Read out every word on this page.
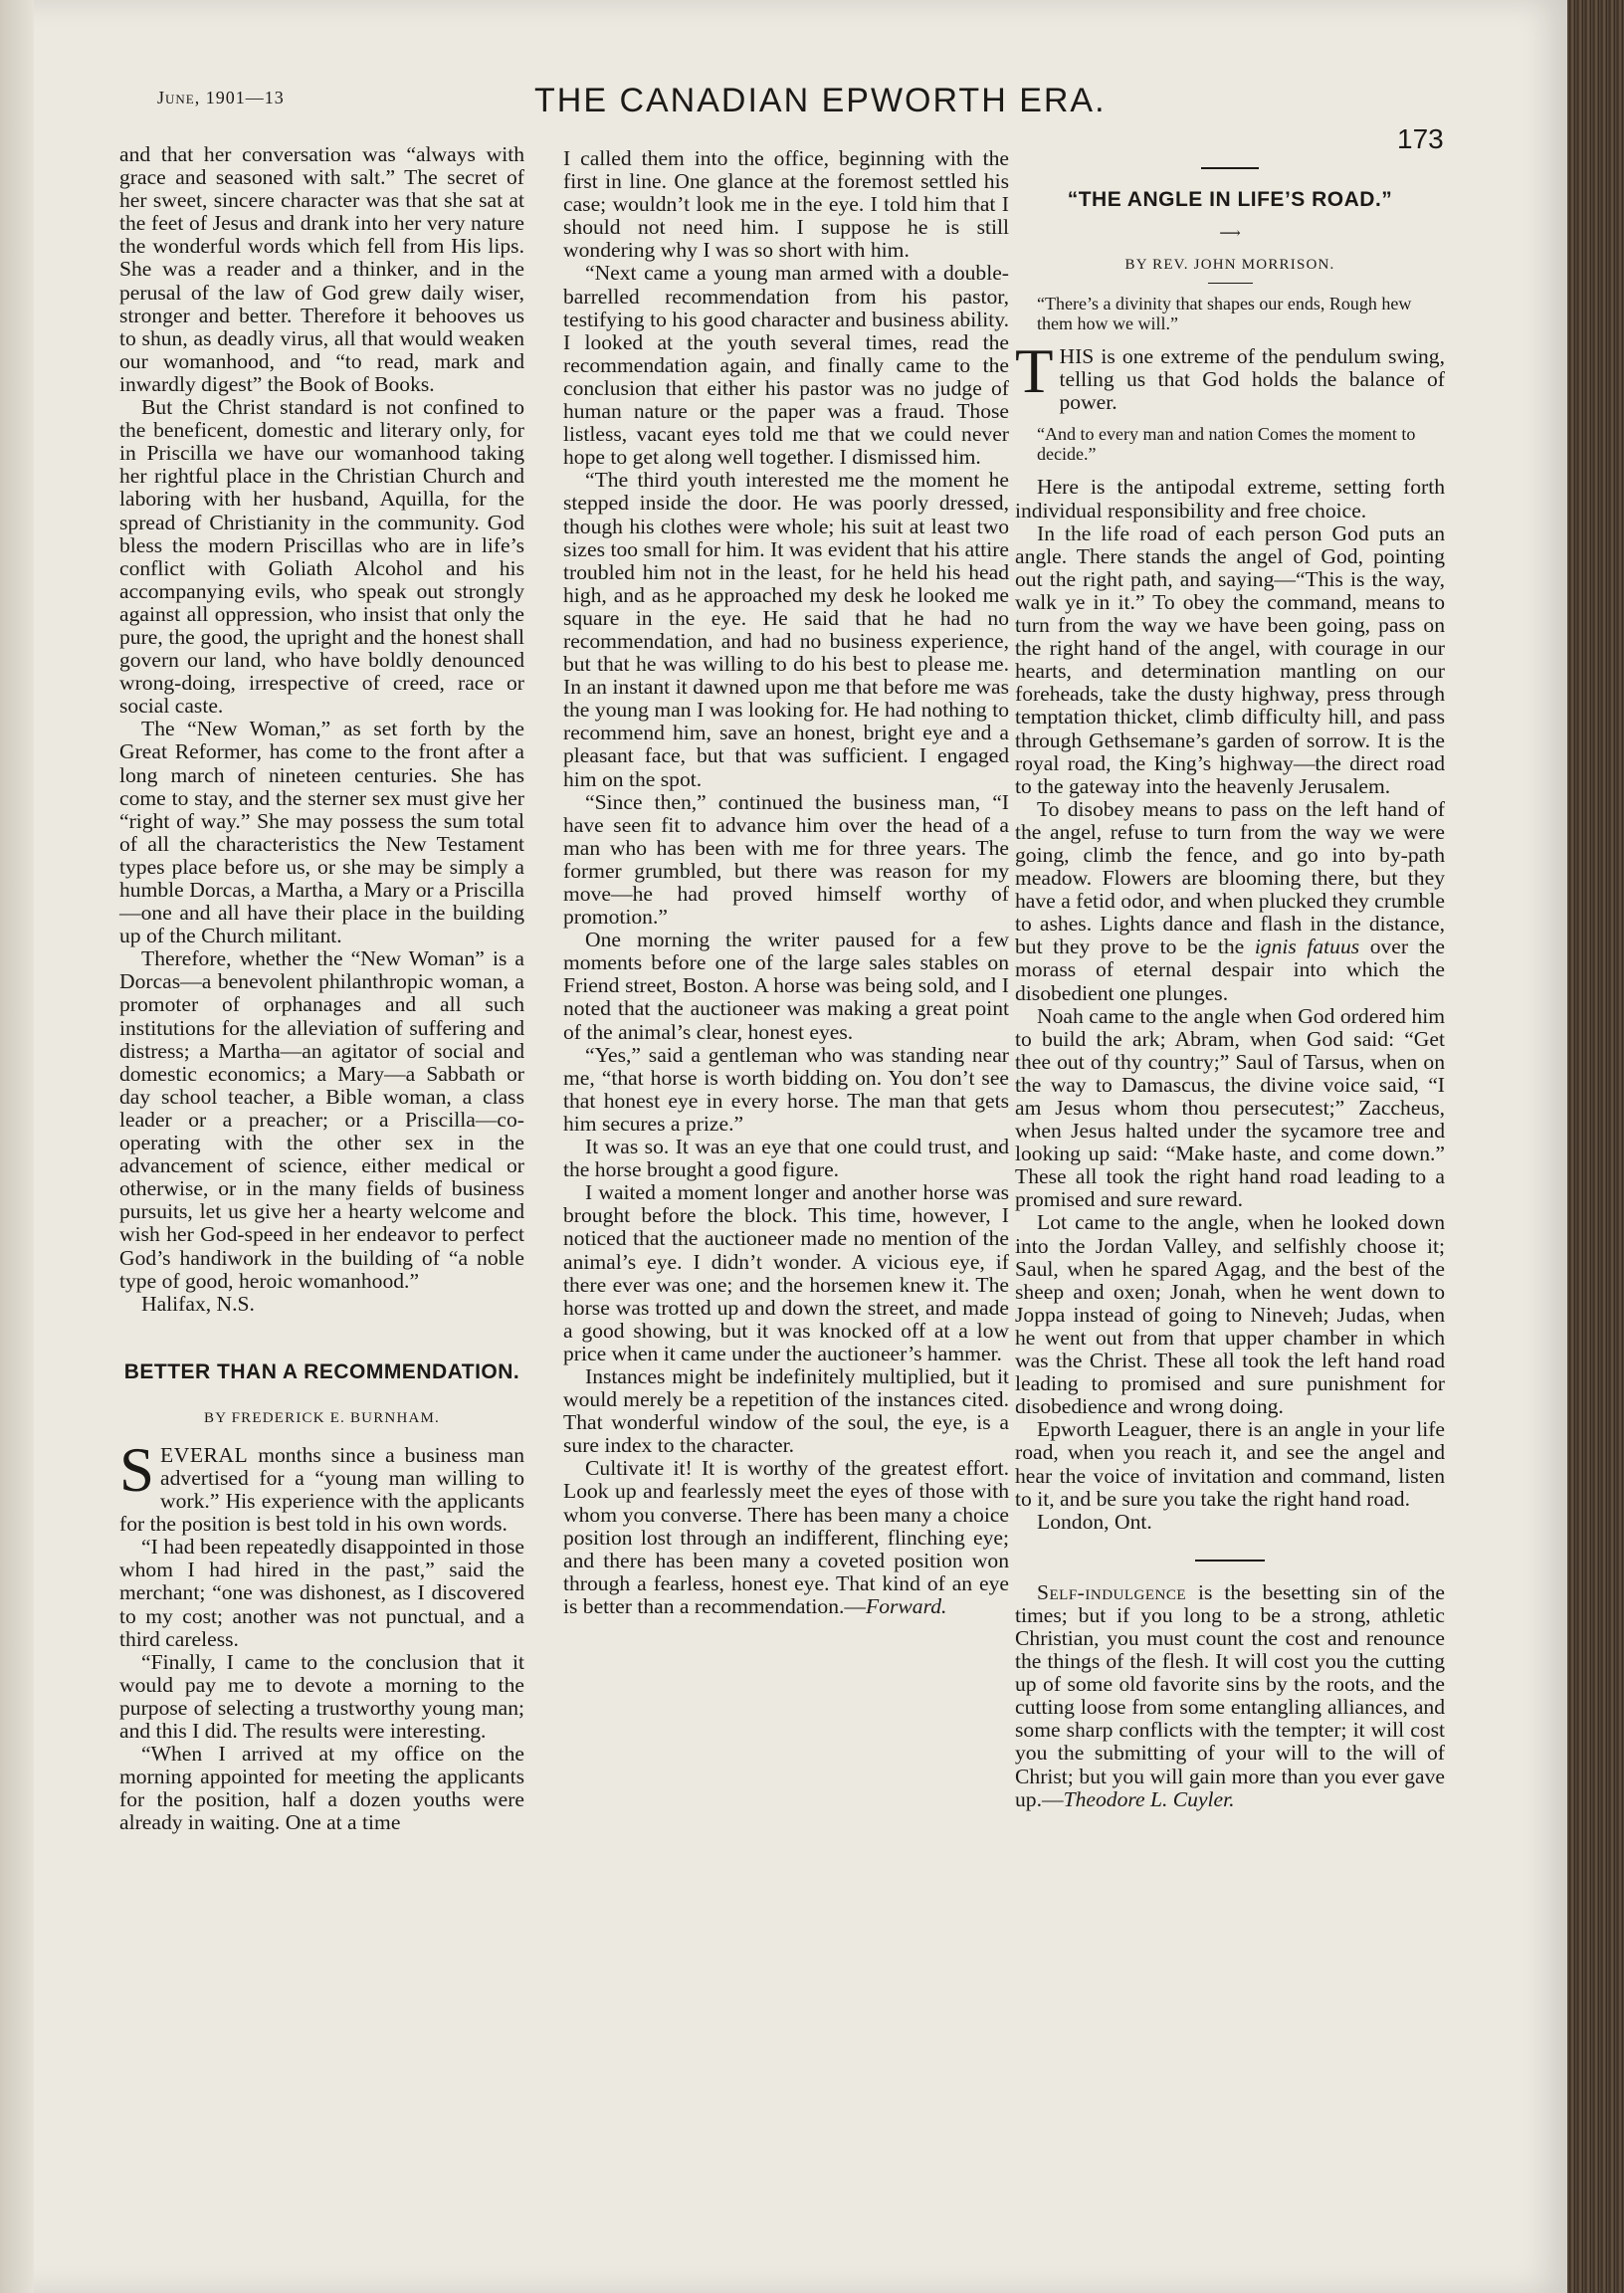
June, 1901—13	THE CANADIAN EPWORTH ERA.
173

and that her conversation was “always with grace and seasoned with salt.” The secret of her sweet, sincere character was that she sat at the feet of Jesus and drank into her very nature the wonderful words which fell from His lips. She was a reader and a thinker, and in the perusal of the law of God grew daily wiser, stronger and better. Therefore it behooves us to shun, as deadly virus, all that would weaken our womanhood, and “to read, mark and inwardly digest” the Book of Books.

But the Christ standard is not confined to the beneficent, domestic and literary only, for in Priscilla we have our womanhood taking her rightful place in the Christian Church and laboring with her husband, Aquilla, for the spread of Christianity in the community. God bless the modern Priscillas who are in life’s conflict with Goliath Alcohol and his accompanying evils, who speak out strongly against all oppression, who insist that only the pure, the good, the upright and the honest shall govern our land, who have boldly denounced wrong-doing, irrespective of creed, race or social caste.

The “New Woman,” as set forth by the Great Reformer, has come to the front after a long march of nineteen centuries. She has come to stay, and the sterner sex must give her “right of way.” She may possess the sum total of all the characteristics the New Testament types place before us, or she may be simply a humble Dorcas, a Martha, a Mary or a Priscilla—one and all have their place in the building up of the Church militant.

Therefore, whether the “New Woman” is a Dorcas—a benevolent philanthropic woman, a promoter of orphanages and all such institutions for the alleviation of suffering and distress; a Martha—an agitator of social and domestic economics; a Mary—a Sabbath or day school teacher, a Bible woman, a class leader or a preacher; or a Priscilla—co-operating with the other sex in the advancement of science, either medical or otherwise, or in the many fields of business pursuits, let us give her a hearty welcome and wish her God-speed in her endeavor to perfect God’s handiwork in the building of “a noble type of good, heroic womanhood.”

Halifax, N.S.

BETTER THAN A RECOMMENDATION.
BY FREDERICK E. BURNHAM.

SEVERAL months since a business man advertised for a “young man willing to work.” His experience with the applicants for the position is best told in his own words.

“I had been repeatedly disappointed in those whom I had hired in the past,” said the merchant; “one was dishonest, as I discovered to my cost; another was not punctual, and a third careless.

“Finally, I came to the conclusion that it would pay me to devote a morning to the purpose of selecting a trustworthy young man; and this I did. The results were interesting.

“When I arrived at my office on the morning appointed for meeting the applicants for the position, half a dozen youths were already in waiting. One at a time

I called them into the office, beginning with the first in line. One glance at the foremost settled his case; wouldn’t look me in the eye. I told him that I should not need him. I suppose he is still wondering why I was so short with him.

“Next came a young man armed with a double-barrelled recommendation from his pastor, testifying to his good character and business ability. I looked at the youth several times, read the recommendation again, and finally came to the conclusion that either his pastor was no judge of human nature or the paper was a fraud. Those listless, vacant eyes told me that we could never hope to get along well together. I dismissed him.

“The third youth interested me the moment he stepped inside the door. He was poorly dressed, though his clothes were whole; his suit at least two sizes too small for him. It was evident that his attire troubled him not in the least, for he held his head high, and as he approached my desk he looked me square in the eye. He said that he had no recommendation, and had no business experience, but that he was willing to do his best to please me. In an instant it dawned upon me that before me was the young man I was looking for. He had nothing to recommend him, save an honest, bright eye and a pleasant face, but that was sufficient. I engaged him on the spot.

“Since then,” continued the business man, “I have seen fit to advance him over the head of a man who has been with me for three years. The former grumbled, but there was reason for my move—he had proved himself worthy of promotion.”

One morning the writer paused for a few moments before one of the large sales stables on Friend street, Boston. A horse was being sold, and I noted that the auctioneer was making a great point of the animal’s clear, honest eyes.

“Yes,” said a gentleman who was standing near me, “that horse is worth bidding on. You don’t see that honest eye in every horse. The man that gets him secures a prize.”

It was so. It was an eye that one could trust, and the horse brought a good figure.

I waited a moment longer and another horse was brought before the block. This time, however, I noticed that the auctioneer made no mention of the animal’s eye. I didn’t wonder. A vicious eye, if there ever was one; and the horsemen knew it. The horse was trotted up and down the street, and made a good showing, but it was knocked off at a low price when it came under the auctioneer’s hammer.

Instances might be indefinitely multiplied, but it would merely be a repetition of the instances cited. That wonderful window of the soul, the eye, is a sure index to the character.

Cultivate it! It is worthy of the greatest effort. Look up and fearlessly meet the eyes of those with whom you converse. There has been many a choice position lost through an indifferent, flinching eye; and there has been many a coveted position won through a fearless, honest eye. That kind of an eye is better than a recommendation.—Forward.

“THE ANGLE IN LIFE’S ROAD.”
⟶
BY REV. JOHN MORRISON.
“There’s a divinity that shapes our ends, Rough hew them how we will.”

THIS is one extreme of the pendulum swing, telling us that God holds the balance of power.

“And to every man and nation Comes the moment to decide.”

Here is the antipodal extreme, setting forth individual responsibility and free choice.

In the life road of each person God puts an angle. There stands the angel of God, pointing out the right path, and saying—“This is the way, walk ye in it.” To obey the command, means to turn from the way we have been going, pass on the right hand of the angel, with courage in our hearts, and determination mantling on our foreheads, take the dusty highway, press through temptation thicket, climb difficulty hill, and pass through Gethsemane’s garden of sorrow. It is the royal road, the King’s highway—the direct road to the gateway into the heavenly Jerusalem.

To disobey means to pass on the left hand of the angel, refuse to turn from the way we were going, climb the fence, and go into by-path meadow. Flowers are blooming there, but they have a fetid odor, and when plucked they crumble to ashes. Lights dance and flash in the distance, but they prove to be the ignis fatuus over the morass of eternal despair into which the disobedient one plunges.

Noah came to the angle when God ordered him to build the ark; Abram, when God said: “Get thee out of thy country;” Saul of Tarsus, when on the way to Damascus, the divine voice said, “I am Jesus whom thou persecutest;” Zaccheus, when Jesus halted under the sycamore tree and looking up said: “Make haste, and come down.” These all took the right hand road leading to a promised and sure reward.

Lot came to the angle, when he looked down into the Jordan Valley, and selfishly choose it; Saul, when he spared Agag, and the best of the sheep and oxen; Jonah, when he went down to Joppa instead of going to Nineveh; Judas, when he went out from that upper chamber in which was the Christ. These all took the left hand road leading to promised and sure punishment for disobedience and wrong doing.

Epworth Leaguer, there is an angle in your life road, when you reach it, and see the angel and hear the voice of invitation and command, listen to it, and be sure you take the right hand road.

London, Ont.

Self-indulgence is the besetting sin of the times; but if you long to be a strong, athletic Christian, you must count the cost and renounce the things of the flesh. It will cost you the cutting up of some old favorite sins by the roots, and the cutting loose from some entangling alliances, and some sharp conflicts with the tempter; it will cost you the submitting of your will to the will of Christ; but you will gain more than you ever gave up.—Theodore L. Cuyler.
